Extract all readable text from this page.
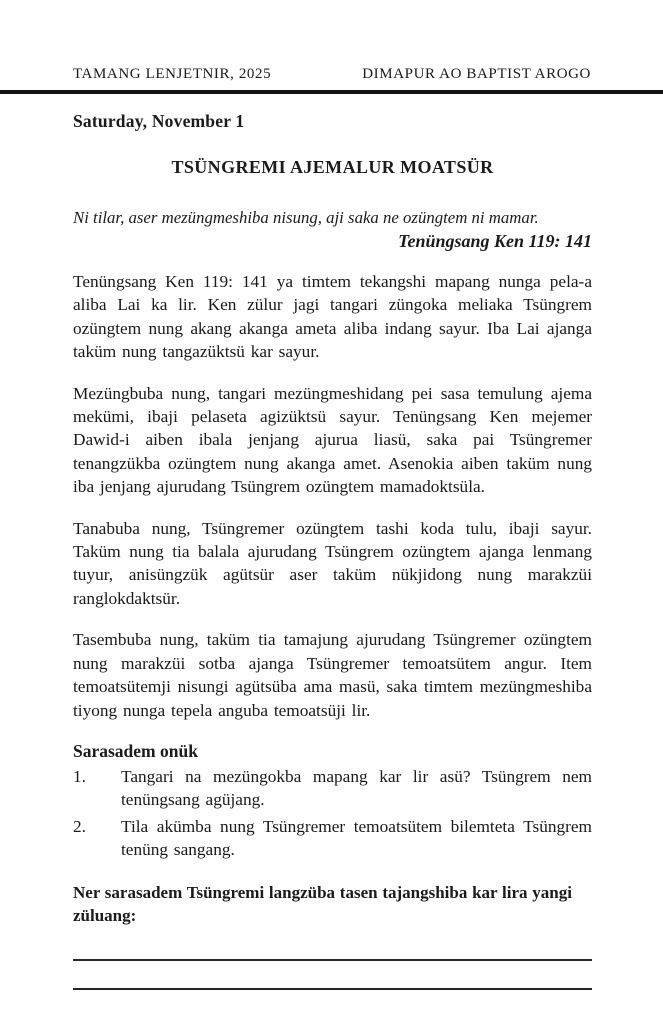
TAMANG LENJETNIR, 2025	DIMAPUR AO BAPTIST AROGO
Saturday, November 1
TSÜNGREMI AJEMALUR MOATSÜR
Ni tilar, aser mezüngmeshiba nisung, aji saka ne ozüngtem ni mamar.
Tenüngsang Ken 119: 141

Tenüngsang Ken 119: 141 ya timtem tekangshi mapang nunga pela-a aliba Lai ka lir. Ken zülur jagi tangari züngoka meliaka Tsüngrem ozüngtem nung akang akanga ameta aliba indang sayur. Iba Lai ajanga taküm nung tangazüktsü kar sayur.

Mezüngbuba nung, tangari mezüngmeshidang pei sasa temulung ajema mekümi, ibaji pelaseta agizüktsü sayur. Tenüngsang Ken mejemer Dawid-i aiben ibala jenjang ajurua liasü, saka pai Tsüngremer tenangzükba ozüngtem nung akanga amet. Asenokia aiben taküm nung iba jenjang ajurudang Tsüngrem ozüngtem mamadoktsüla.

Tanabuba nung, Tsüngremer ozüngtem tashi koda tulu, ibaji sayur. Taküm nung tia balala ajurudang Tsüngrem ozüngtem ajanga lenmang tuyur, anisüngzük agütsür aser taküm nükjidong nung marakzüi ranglokdaktsür.

Tasembuba nung, taküm tia tamajung ajurudang Tsüngremer ozüngtem nung marakzüi sotba ajanga Tsüngremer temoatsütem angur. Item temoatsütemji nisungi agütsüba ama masü, saka timtem mezüngmeshiba tiyong nunga tepela anguba temoatsüji lir.

Sarasadem onük
1. Tangari na mezüngokba mapang kar lir asü? Tsüngrem nem tenüngsang agüjang.
2. Tila akümba nung Tsüngremer temoatsütem bilemteta Tsüngrem tenüng sangang.

Ner sarasadem Tsüngremi langzüba tasen tajangshiba kar lira yangi züluang:
